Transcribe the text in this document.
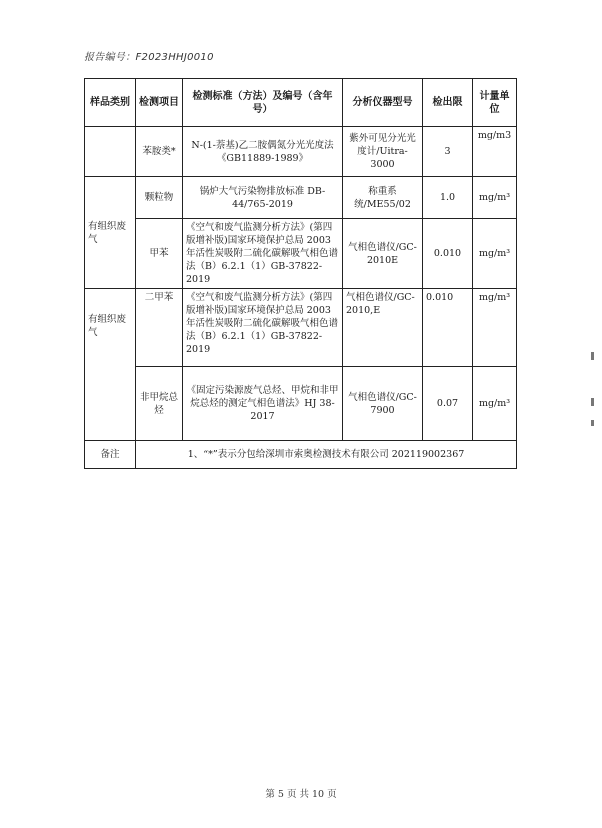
报告编号：F2023HHJ0010
样品类别	检测项目	检测标准（方法）及编号（含年号）	分析仪器型号	检出限	计量单位
	苯胺类*	N-(1-萘基)乙二胺偶氮分光光度法《GB11889-1989》	紫外可见分光光度计/Uitra-3000	3	mg/m3
有组织废气	颗粒物	锅炉大气污染物排放标准 DB-44/765-2019	称重系统/ME55/02	1.0	mg/m³
	甲苯	《空气和废气监测分析方法》(第四版增补版)国家环境保护总局 2003 年活性炭吸附二硫化碳解吸气相色谱法（B）6.2.1（1）GB-37822-2019	气相色谱仪/GC-2010E	0.010	mg/m³

有组织废气	二甲苯	《空气和废气监测分析方法》(第四版增补版)国家环境保护总局 2003 年活性炭吸附二硫化碳解吸气相色谱法（B）6.2.1（1）GB-37822-2019	气相色谱仪/GC-2010,E	0.010	mg/m³
	非甲烷总烃	《固定污染源废气总烃、甲烷和非甲烷总烃的测定气相色谱法》HJ 38-2017	气相色谱仪/GC-7900	0.07	mg/m³
备注	1、“*”表示分包给深圳市索奥检测技术有限公司 202119002367				
第 5 页 共 10 页
